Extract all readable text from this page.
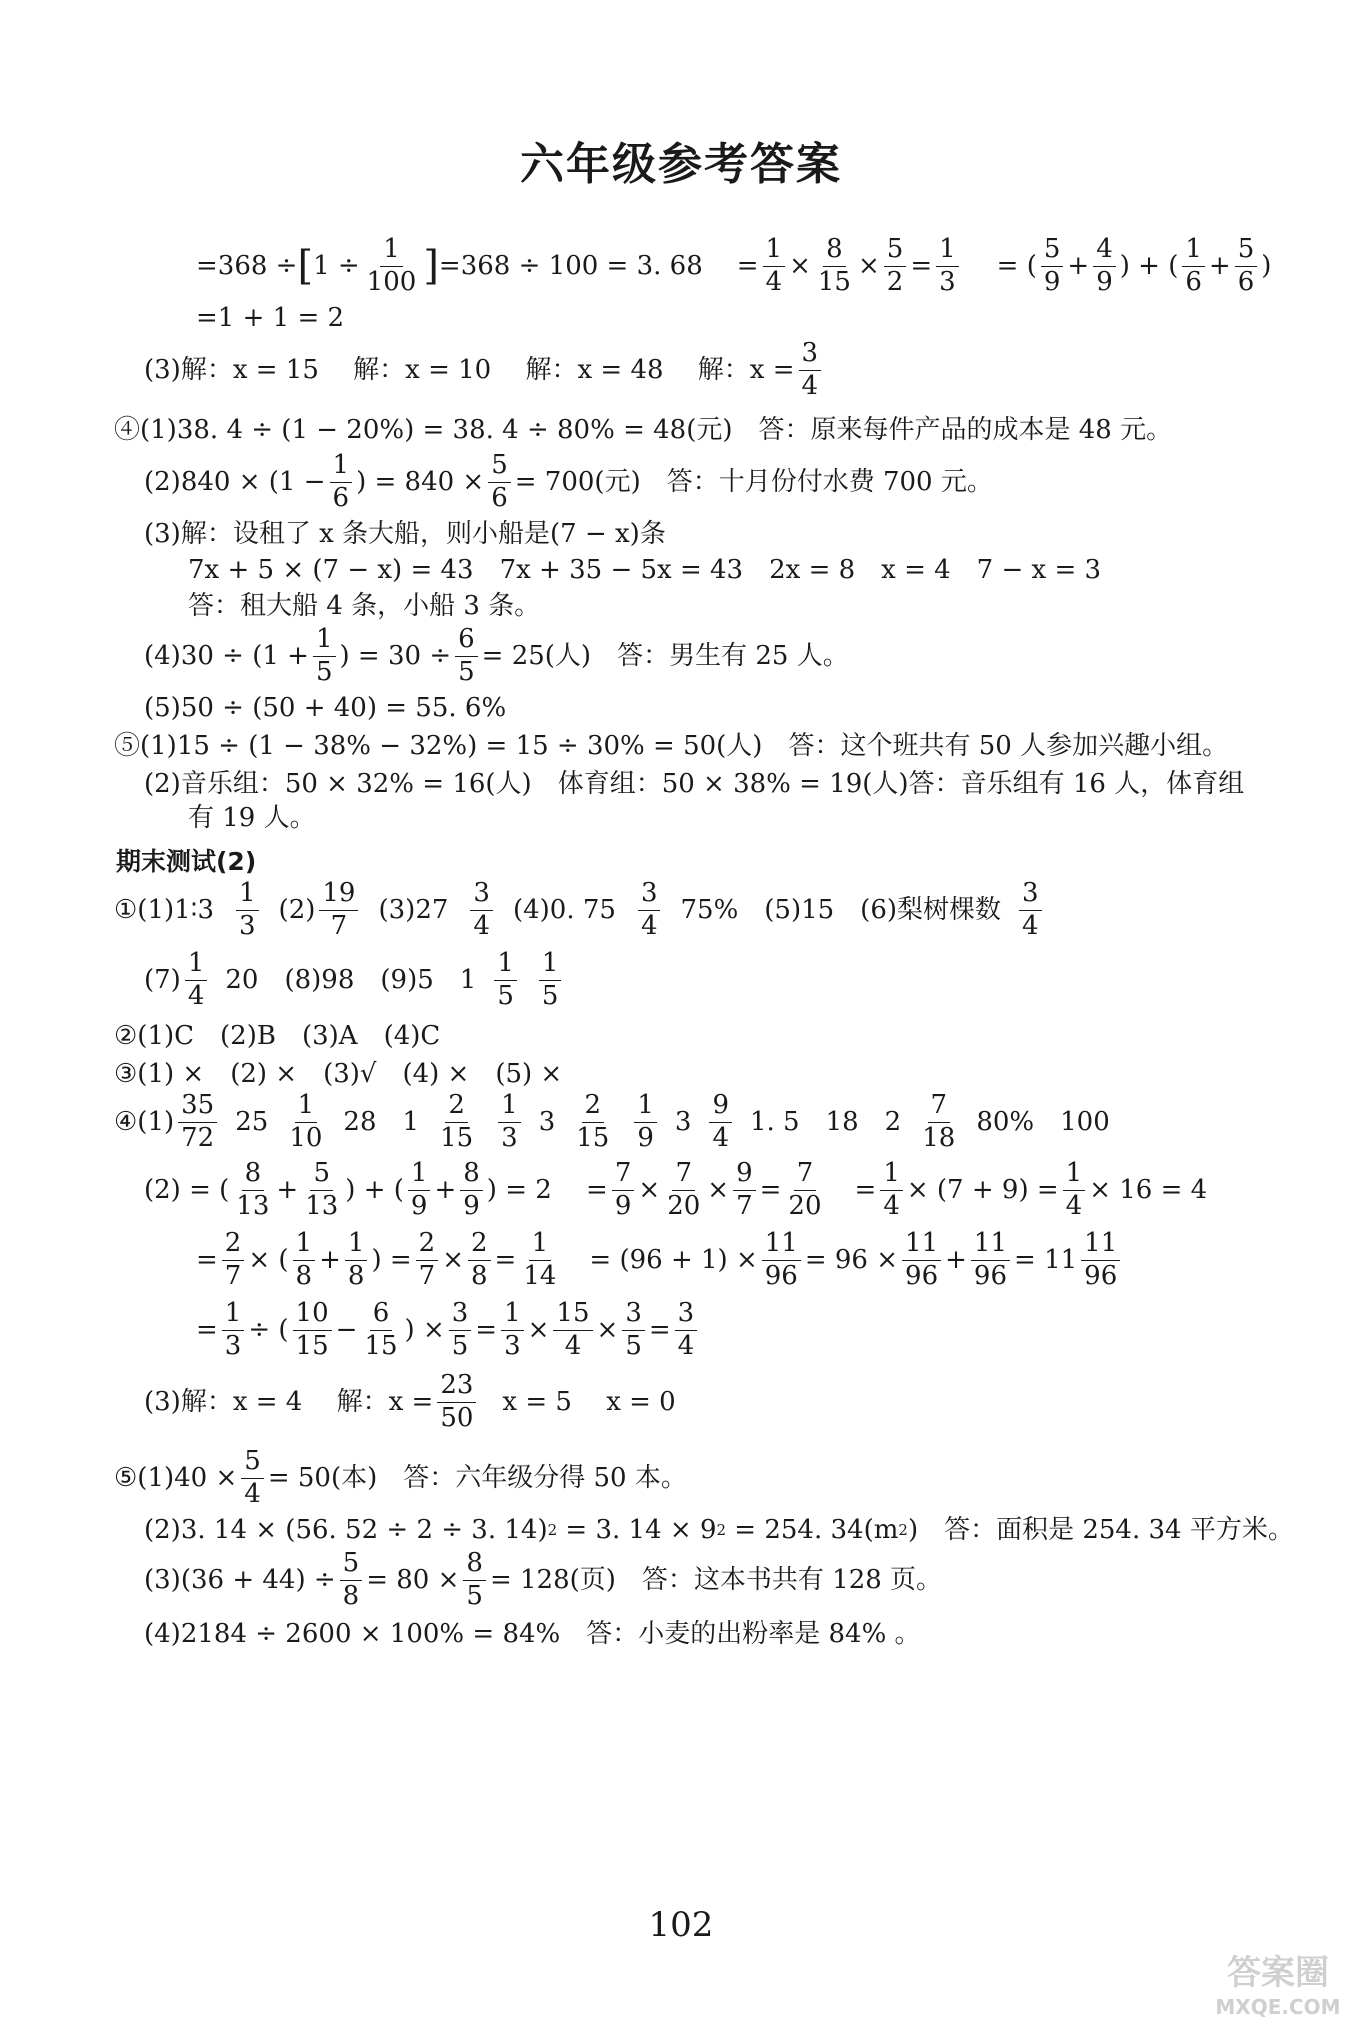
六年级参考答案
=368 ÷ [ $1 \div \frac{1}{100}$ ] =368 ÷ 100 = 3. $68 = \frac{1}{4} \times \frac{8}{15} \times \frac{5}{2} = \frac{1}{3}$ = ( $\frac{5}{9} + \frac{4}{9}$ ) + ( $\frac{1}{6} + \frac{5}{6}$ )
=1 + 1 = 2
(3)解：x = 15　 解：x = 10　 解：x = 48　 解：$x = \frac{3}{4}$
④(1)38. 4 ÷ (1 − 20%) = 38. 4 ÷ 80% = 48(元)　答：原来每件产品的成本是 48 元。
$(2)840 \times (1 - \frac{1}{6}$ ) = $840 \times \frac{5}{6} = 700$(元)　答：十月份付水费 700 元。
(3)解：设租了 x 条大船，则小船是(7 − x)条
7x + 5 × (7 − x) = 43　7x + 35 − 5x = 43　2x = 8　x = 4　7 − x = 3
答：租大船 4 条，小船 3 条。
$(4)30 \div (1 + \frac{1}{5}$ ) = $30 \div \frac{6}{5} = 25$(人)　答：男生有 25 人。
(5)50 ÷ (50 + 40) = 55. 6%
⑤(1)15 ÷ (1 − 38% − 32%) = 15 ÷ 30% = 50(人)　答：这个班共有 50 人参加兴趣小组。
(2)音乐组：50 × 32% = 16(人)　体育组：50 × 38% = 19(人)答：音乐组有 16 人，体育组
有 19 人。
期末测试(2)
①(1)1∶3 $\frac{1}{3} (2) \frac{19}{7} (3)27 \frac{3}{4} (4)0$. $75 \frac{3}{4} 75\%$　(5)15　(6)梨树棵数 $\frac{3}{4}$
$(7) \frac{1}{4} 20$　(8)98　(9)5　$1 \frac{1}{5} \frac{1}{5}$
②(1)C　(2)B　(3)A　(4)C
③(1) ×　(2) ×　(3)√　(4) ×　(5) ×
④(1) $\frac{35}{72} 25 \frac{1}{10} 28$　$1 \frac{2}{15} \frac{1}{3} 3 \frac{2}{15} \frac{1}{9} 3 \frac{9}{4} 1$. 5　18　$2 \frac{7}{18} 80\%$　100
(2) = ( $\frac{8}{13} + \frac{5}{13}$ ) + ( $\frac{1}{9} + \frac{8}{9}$ ) = 2　 = $\frac{7}{9} \times \frac{7}{20} \times \frac{9}{7} = \frac{7}{20}$ 　= $\frac{1}{4} \times (7 + 9) = \frac{1}{4} \times 16 = 4$
= $\frac{2}{7}$ × ( $\frac{1}{8} + \frac{1}{8}$ ) = $\frac{2}{7} \times \frac{2}{8} = \frac{1}{14}$ 　= $(96 + 1) \times \frac{11}{96} = 96 \times \frac{11}{96} + \frac{11}{96} = 11 \frac{11}{96}$
= $\frac{1}{3}$ ÷ ( $\frac{10}{15} - \frac{6}{15}$ ) × $\frac{3}{5} = \frac{1}{3} \times \frac{15}{4} \times \frac{3}{5} = \frac{3}{4}$
(3)解：x = 4　 解：$x = \frac{23}{50}$ x = 5　 x = 0
⑤(1)40 × $\frac{5}{4} = 50$(本)　答：六年级分得 50 本。
(2)3. 14 × (56. 52 ÷ 2 ÷ 3. 14) 2 = 3. 14 × 9 2 = 254. 34(m 2 )　答：面积是 254. 34 平方米。
$(3)(36 + 44) \div \frac{5}{8} = 80 \times \frac{8}{5} = 128$(页)　答：这本书共有 128 页。
(4)2184 ÷ 2600 × 100% = 84%　答：小麦的出粉率是 84% 。
102
答案圈
MXQE.COM
